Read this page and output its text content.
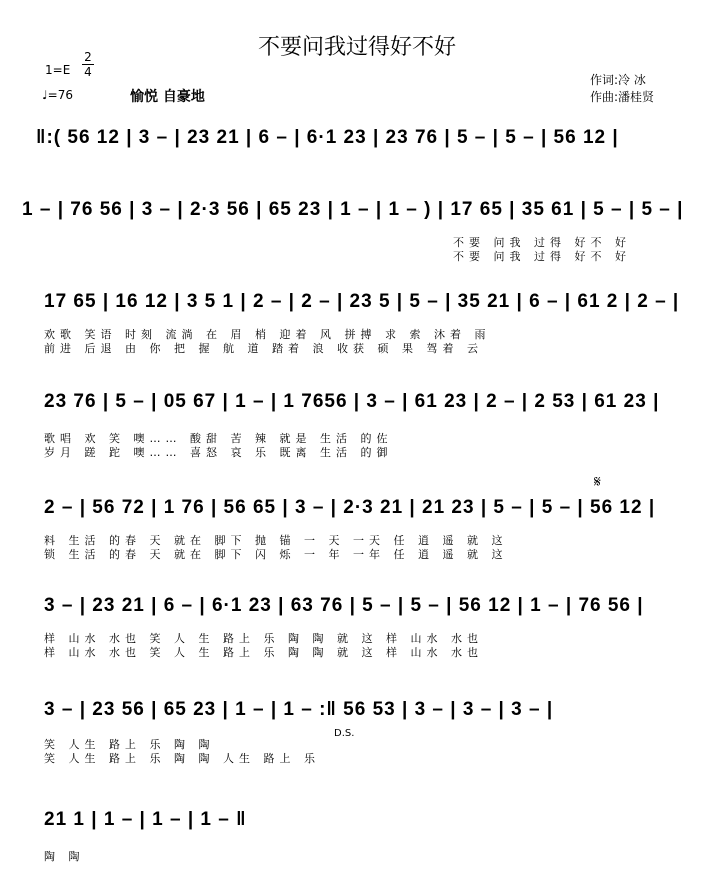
不要问我过得好不好
$1=E \frac{2}{4}$
♩=76	愉悦 自豪地
作词:冷 冰
作曲:潘桂贤
‖:( 56 12 | 3 – | 23 21 | 6 – | 6·1 23 | 23 76 | 5 – | 5 – | 56 12 |
1 – | 76 56 | 3 – | 2·3 56 | 65 23 | 1 – | 1 – ) | 17 65 | 35 61 | 5 – | 5 – |
不要 问我 过得 好不 好
不要 问我 过得 好不 好
17 65 | 16 12 | 3 5 1 | 2 – | 2 – | 23 5 | 5 – | 35 21 | 6 – | 61 2 | 2 – |
欢歌 笑语 时刻 流淌 在 眉 梢 迎着 风 拼搏 求 索 沐着 雨
前进 后退 由 你 把 握 航 道 踏着 浪 收获 硕 果 驾着 云
23 76 | 5 – | 05 67 | 1 – | 1 7656 | 3 – | 61 23 | 2 – | 2 53 | 61 23 |
歌唱 欢 笑 噢…… 酸甜 苦 辣 就是 生活 的佐
岁月 蹉 跎 噢…… 喜怒 哀 乐 既离 生活 的御
𝄋
2 – | 56 72 | 1 76 | 56 65 | 3 – | 2·3 21 | 21 23 | 5 – | 5 – | 56 12 |
料 生活 的春 天 就在 脚下 抛 锚 一 天 一天 任 逍 遥 就 这
锁 生活 的春 天 就在 脚下 闪 烁 一 年 一年 任 逍 遥 就 这
3 – | 23 21 | 6 – | 6·1 23 | 63 76 | 5 – | 5 – | 56 12 | 1 – | 76 56 |
样 山水 水也 笑 人 生 路上 乐 陶 陶 就 这 样 山水 水也
样 山水 水也 笑 人 生 路上 乐 陶 陶 就 这 样 山水 水也
3 – | 23 56 | 65 23 | 1 – | 1 – :‖ 56 53 | 3 – | 3 – | 3 – |
D.S.
笑 人生 路上 乐 陶 陶
笑 人生 路上 乐 陶 陶 人生 路上 乐
21 1 | 1 – | 1 – | 1 – ‖
陶 陶
